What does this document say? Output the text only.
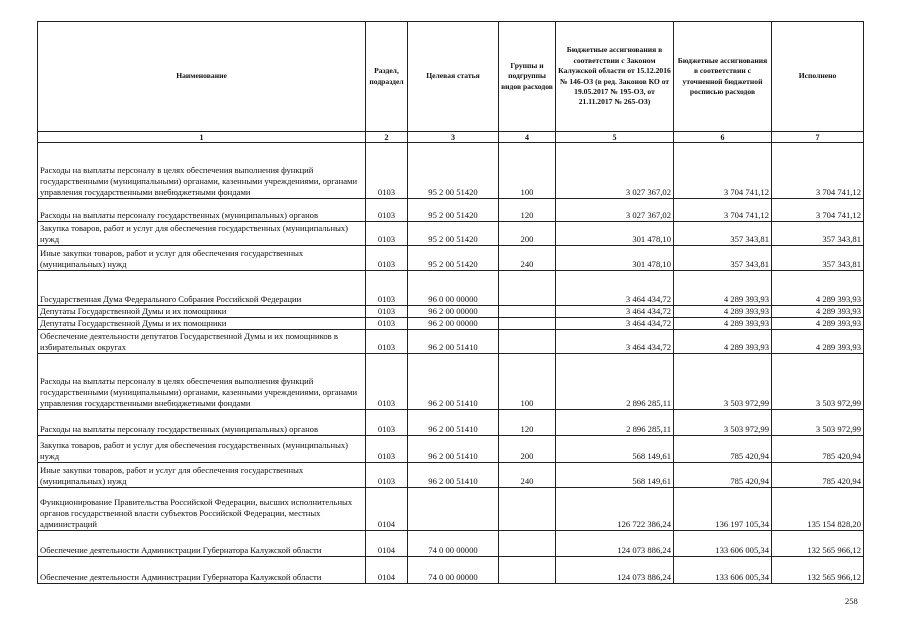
Наименование	Раздел, подраздел	Целевая статья	Группы и подгруппы видов расходов	Бюджетные ассигнования в соответствии с Законом Калужской области от 15.12.2016 № 146-ОЗ (в ред. Законов КО от 19.05.2017 № 195-ОЗ, от 21.11.2017 № 265-ОЗ)	Бюджетные ассигнования в соответствии с уточненной бюджетной росписью расходов	Исполнено
1	2	3	4	5	6	7
Расходы на выплаты персоналу в целях обеспечения выполнения функций государственными (муниципальными) органами, казенными учреждениями, органами управления государственными внебюджетными фондами	0103	95 2 00 51420	100	3 027 367,02	3 704 741,12	3 704 741,12
Расходы на выплаты персоналу государственных (муниципальных) органов	0103	95 2 00 51420	120	3 027 367,02	3 704 741,12	3 704 741,12
Закупка товаров, работ и услуг для обеспечения государственных (муниципальных) нужд	0103	95 2 00 51420	200	301 478,10	357 343,81	357 343,81
Иные закупки товаров, работ и услуг для обеспечения государственных (муниципальных) нужд	0103	95 2 00 51420	240	301 478,10	357 343,81	357 343,81
Государственная Дума Федерального Собрания Российской Федерации	0103	96 0 00 00000		3 464 434,72	4 289 393,93	4 289 393,93
Депутаты Государственной Думы и их помощники	0103	96 2 00 00000		3 464 434,72	4 289 393,93	4 289 393,93
Депутаты Государственной Думы и их помощники	0103	96 2 00 00000		3 464 434,72	4 289 393,93	4 289 393,93
Обеспечение деятельности депутатов Государственной Думы и их помощников в избирательных округах	0103	96 2 00 51410		3 464 434,72	4 289 393,93	4 289 393,93
Расходы на выплаты персоналу в целях обеспечения выполнения функций государственными (муниципальными) органами, казенными учреждениями, органами управления государственными внебюджетными фондами	0103	96 2 00 51410	100	2 896 285,11	3 503 972,99	3 503 972,99
Расходы на выплаты персоналу государственных (муниципальных) органов	0103	96 2 00 51410	120	2 896 285,11	3 503 972,99	3 503 972,99
Закупка товаров, работ и услуг для обеспечения государственных (муниципальных) нужд	0103	96 2 00 51410	200	568 149,61	785 420,94	785 420,94
Иные закупки товаров, работ и услуг для обеспечения государственных (муниципальных) нужд	0103	96 2 00 51410	240	568 149,61	785 420,94	785 420,94
Функционирование Правительства Российской Федерации, высших исполнительных органов государственной власти субъектов Российской Федерации, местных администраций	0104			126 722 386,24	136 197 105,34	135 154 828,20
Обеспечение деятельности Администрации Губернатора Калужской области	0104	74 0 00 00000		124 073 886,24	133 606 005,34	132 565 966,12
Обеспечение деятельности Администрации Губернатора Калужской области	0104	74 0 00 00000		124 073 886,24	133 606 005,34	132 565 966,12
258
